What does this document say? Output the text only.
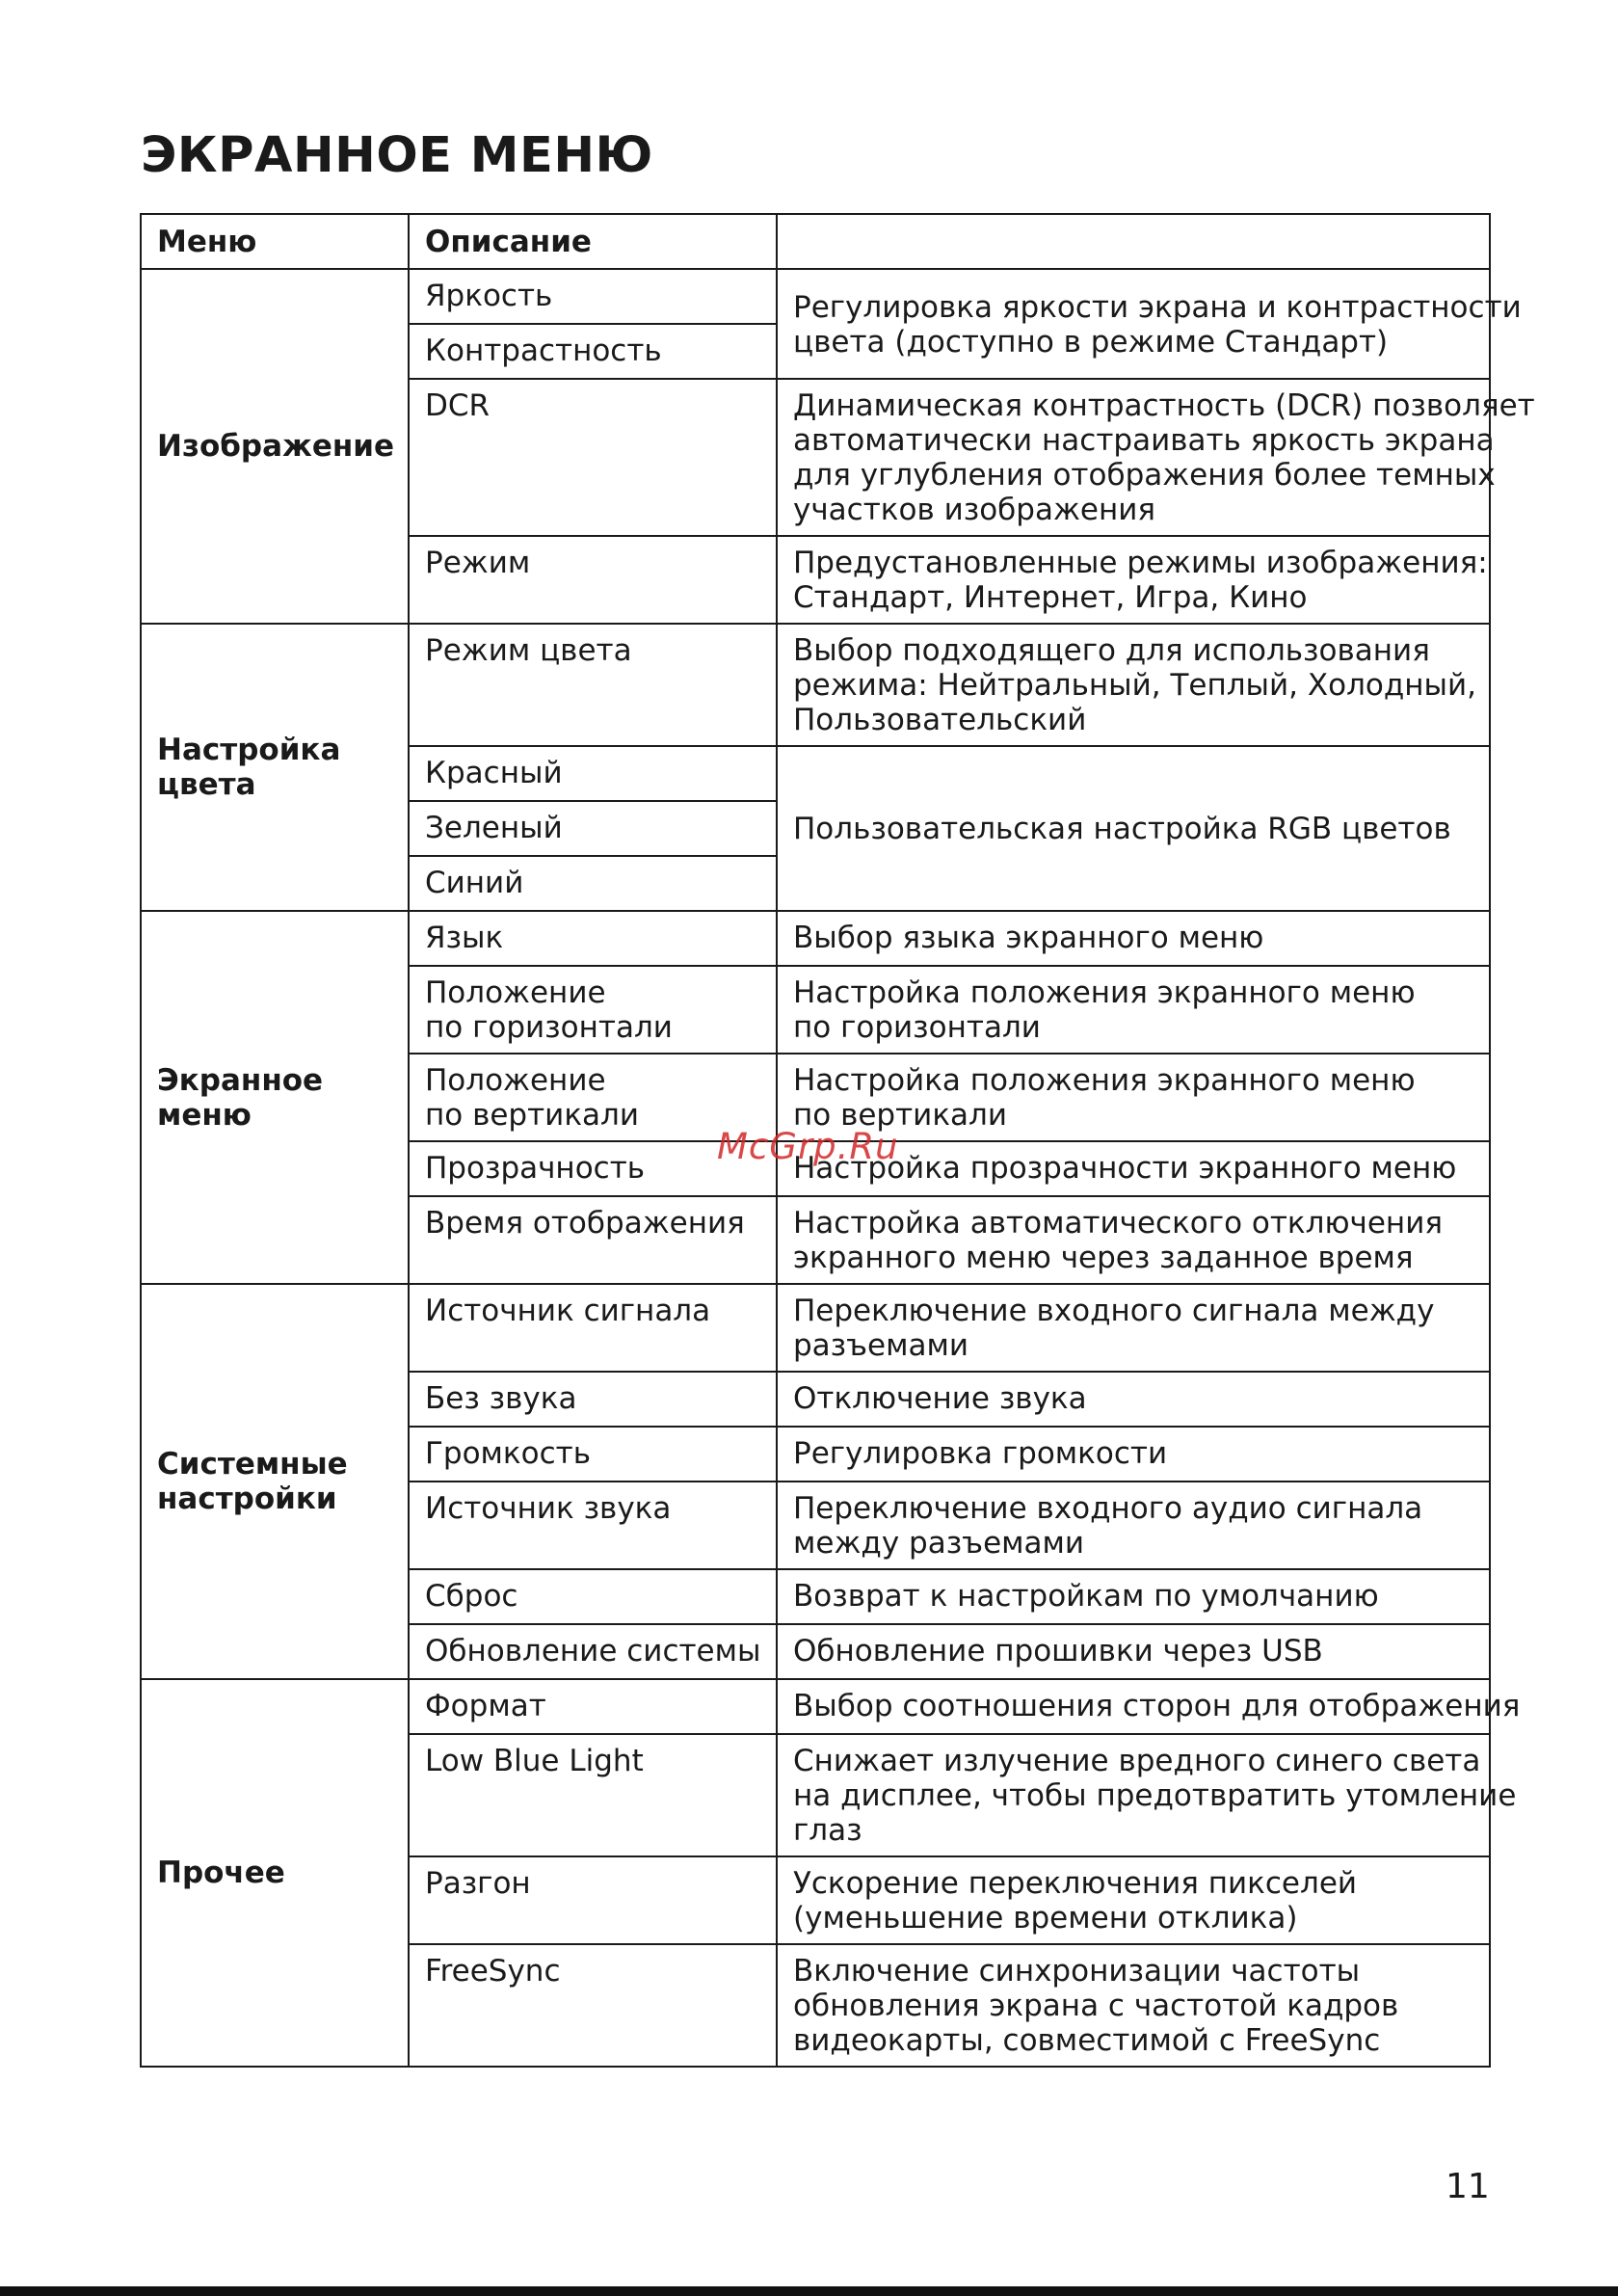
ЭКРАННОЕ МЕНЮ
Меню	Описание	

Изображение	Яркость	Регулировка яркости экрана и контрастности
цвета (доступно в режиме Стандарт)

	Контрастность	

	DCR	Динамическая контрастность (DCR) позволяет
автоматически настраивать яркость экрана
для углубления отображения более темных
участков изображения

	Режим	Предустановленные режимы изображения:
Стандарт, Интернет, Игра, Кино

Настройка
цвета	Режим цвета	Выбор подходящего для использования
режима: Нейтральный, Теплый, Холодный,
Пользовательский

	Красный	Пользовательская настройка RGB цветов

	Зеленый	

	Синий	

Экранное
меню	Язык	Выбор языка экранного меню

	Положение
по горизонтали	Настройка положения экранного меню
по горизонтали

	Положение
по вертикали	Настройка положения экранного меню
по вертикали

	Прозрачность	Настройка прозрачности экранного меню

	Время отображения	Настройка автоматического отключения
экранного меню через заданное время

Системные
настройки	Источник сигнала	Переключение входного сигнала между
разъемами

	Без звука	Отключение звука

	Громкость	Регулировка громкости

	Источник звука	Переключение входного аудио сигнала
между разъемами

	Сброс	Возврат к настройкам по умолчанию

	Обновление системы	Обновление прошивки через USB

Прочее	Формат	Выбор соотношения сторон для отображения

	Low Blue Light	Снижает излучение вредного синего света
на дисплее, чтобы предотвратить утомление
глаз

	Разгон	Ускорение переключения пикселей
(уменьшение времени отклика)

	FreeSync	Включение синхронизации частоты
обновления экрана с частотой кадров
видеокарты, совместимой с FreeSync
McGrp.Ru
11
